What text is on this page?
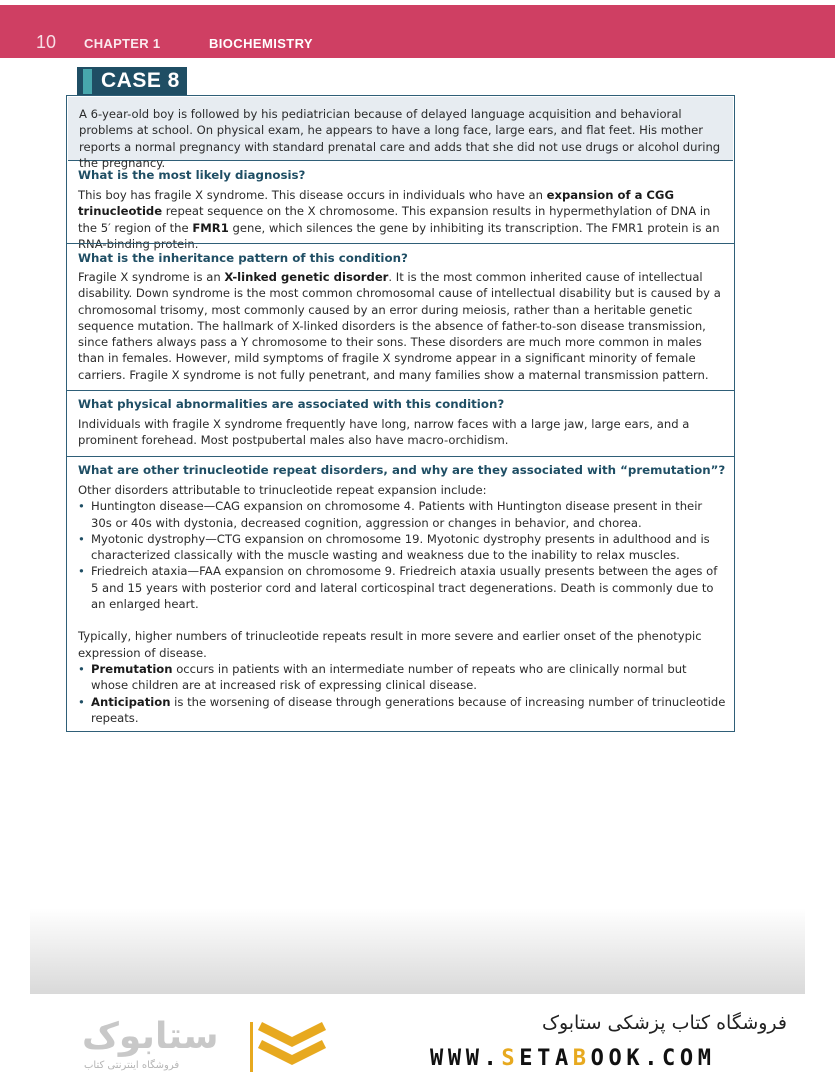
10 CHAPTER 1	BIOCHEMISTRY
CASE 8
A 6-year-old boy is followed by his pediatrician because of delayed language acquisition and behavioral problems at school. On physical exam, he appears to have a long face, large ears, and flat feet. His mother reports a normal pregnancy with standard prenatal care and adds that she did not use drugs or alcohol during the pregnancy.
What is the most likely diagnosis?
This boy has fragile X syndrome. This disease occurs in individuals who have an expansion of a CGG trinucleotide repeat sequence on the X chromosome. This expansion results in hypermethylation of DNA in the 5′ region of the FMR1 gene, which silences the gene by inhibiting its transcription. The FMR1 protein is an RNA-binding protein.
What is the inheritance pattern of this condition?
Fragile X syndrome is an X-linked genetic disorder. It is the most common inherited cause of intellectual disability. Down syndrome is the most common chromosomal cause of intellectual disability but is caused by a chromosomal trisomy, most commonly caused by an error during meiosis, rather than a heritable genetic sequence mutation. The hallmark of X-linked disorders is the absence of father-to-son disease transmission, since fathers always pass a Y chromosome to their sons. These disorders are much more common in males than in females. However, mild symptoms of fragile X syndrome appear in a significant minority of female carriers. Fragile X syndrome is not fully penetrant, and many families show a maternal transmission pattern.
What physical abnormalities are associated with this condition?
Individuals with fragile X syndrome frequently have long, narrow faces with a large jaw, large ears, and a prominent forehead. Most postpubertal males also have macro-orchidism.
What are other trinucleotide repeat disorders, and why are they associated with “premutation”?
Other disorders attributable to trinucleotide repeat expansion include:
• Huntington disease—CAG expansion on chromosome 4. Patients with Huntington disease present in their 30s or 40s with dystonia, decreased cognition, aggression or changes in behavior, and chorea.
• Myotonic dystrophy—CTG expansion on chromosome 19. Myotonic dystrophy presents in adulthood and is characterized classically with the muscle wasting and weakness due to the inability to relax muscles.
• Friedreich ataxia—FAA expansion on chromosome 9. Friedreich ataxia usually presents between the ages of 5 and 15 years with posterior cord and lateral corticospinal tract degenerations. Death is commonly due to an enlarged heart.
Typically, higher numbers of trinucleotide repeats result in more severe and earlier onset of the phenotypic expression of disease.
• Premutation occurs in patients with an intermediate number of repeats who are clinically normal but whose children are at increased risk of expressing clinical disease.
• Anticipation is the worsening of disease through generations because of increasing number of trinucleotide repeats.
ستابوک
فروشگاه اینترنتی کتاب
فروشگاه کتاب پزشکی ستابوک
WWW.SETABOOK.COM
